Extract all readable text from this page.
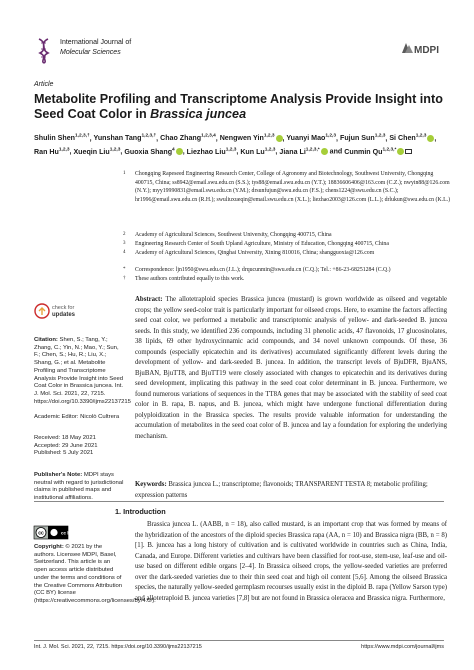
International Journal of
Molecular Sciences	MDPI
Article
Metabolite Profiling and Transcriptome Analysis Provide Insight into Seed Coat Color in Brassica juncea
Shulin Shen$^{1,2,3,\dagger}$, Yunshan Tang$^{1,2,3,\dagger}$, Chao Zhang$^{1,2,3,4}$, Nengwen Yin$^{1,2,3}$ , Yuanyi Mao$^{1,2,3}$, Fujun Sun$^{1,2,3}$, Si Chen$^{1,2,3}$ , Ran Hu$^{1,2,3}$, Xueqin Liu$^{1,2,3}$, Guoxia Shang$^4$ , Liezhao Liu$^{1,2,3}$, Kun Lu$^{1,2,3}$, Jiana $Li^{1,2,3,*}$ and Cunmin $Qu^{1,2,3,*}$
1 Chongqing Rapeseed Engineering Research Center, College of Agronomy and Biotechnology, Southwest University, Chongqing 400715, China; ss8942@email.swu.edu.cn (S.S.); tys88@email.swu.edu.cn (Y.T.); 18836606406@163.com (C.Z.); nwyin88@126.com (N.Y.); myy19990831@email.swu.edu.cn (Y.M.); drsunfujun@swu.edu.cn (F.S.); chens1224@swu.edu.cn (S.C.); hr1996@email.swu.edu.cn (R.H.); swuliuxueqin@email.swu.edu.cn (X.L.); liezhao2003@126.com (L.L.); drlukun@swu.edu.cn (K.L.)
2 Academy of Agricultural Sciences, Southwest University, Chongqing 400715, China
3 Engineering Research Center of South Upland Agriculture, Ministry of Education, Chongqing 400715, China
4 Academy of Agricultural Sciences, Qinghai University, Xining 810016, China; shangguoxia@126.com
* Correspondence: ljn1950@swu.edu.cn (J.L.); drqucunmin@swu.edu.cn (C.Q.); Tel.: +86-23-68251284 (C.Q.)
† These authors contributed equally to this work.
check for
updates
Citation: Shen, S.; Tang, Y.; Zhang, C.; Yin, N.; Mao, Y.; Sun, F.; Chen, S.; Hu, R.; Liu, X.; Shang, G.; et al. Metabolite Profiling and Transcriptome Analysis Provide Insight into Seed Coat Color in Brassica juncea. Int. J. Mol. Sci. 2021, 22, 7215. https://doi.org/10.3390/ijms22137215
Academic Editor: Nicolò Cultrera
Received: 18 May 2021
Accepted: 29 June 2021
Published: 5 July 2021
Publisher's Note: MDPI stays neutral with regard to jurisdictional claims in published maps and institutional affiliations.
cc	cc by
Copyright: © 2021 by the authors. Licensee MDPI, Basel, Switzerland. This article is an open access article distributed under the terms and conditions of the Creative Commons Attribution (CC BY) license (https://creativecommons.org/licenses/by/4.0/).
Abstract: The allotetraploid species Brassica juncea (mustard) is grown worldwide as oilseed and vegetable crops; the yellow seed-color trait is particularly important for oilseed crops. Here, to examine the factors affecting seed coat color, we performed a metabolic and transcriptomic analysis of yellow- and dark-seeded B. juncea seeds. In this study, we identified 236 compounds, including 31 phenolic acids, 47 flavonoids, 17 glucosinolates, 38 lipids, 69 other hydroxycinnamic acid compounds, and 34 novel unknown compounds. Of these, 36 compounds (especially epicatechin and its derivatives) accumulated significantly different levels during the development of yellow- and dark-seeded B. juncea. In addition, the transcript levels of BjuDFR, BjuANS, BjuBAN, BjuTT8, and BjuTT19 were closely associated with changes to epicatechin and its derivatives during seed development, implicating this pathway in the seed coat color determinant in B. juncea. Furthermore, we found numerous variations of sequences in the TT8A genes that may be associated with the stability of seed coat color in B. rapa, B. napus, and B. juncea, which might have undergone functional differentiation during polyploidization in the Brassica species. The results provide valuable information for understanding the accumulation of metabolites in the seed coat color of B. juncea and lay a foundation for exploring the underlying mechanism.
Keywords: Brassica juncea L.; transcriptome; flavonoids; TRANSPARENT TESTA 8; metabolic profiling; expression patterns
1. Introduction
Brassica juncea L. (AABB, n = 18), also called mustard, is an important crop that was formed by means of the hybridization of the ancestors of the diploid species Brassica rapa (AA, n = 10) and Brassica nigra (BB, n = 8) [1]. B. juncea has a long history of cultivation and is cultivated worldwide in countries such as China, India, Canada, and Europe. Different varieties and cultivars have been classified for root-use, stem-use, leaf-use and oil-use based on different edible organs [2–4]. In Brassica oilseed crops, the yellow-seeded varieties are preferred over the dark-seeded varieties due to their thin seed coat and high oil content [5,6]. Among the oilseed Brassica species, the naturally yellow-seeded germplasm recourses usually exist in the diploid B. rapa (Yellow Sarson type) and allotetraploid B. juncea varieties [7,8] but are not found in Brassica oleracea and Brassica nigra. Furthermore,
Int. J. Mol. Sci. 2021, 22, 7215. https://doi.org/10.3390/ijms22137215	https://www.mdpi.com/journal/ijms
